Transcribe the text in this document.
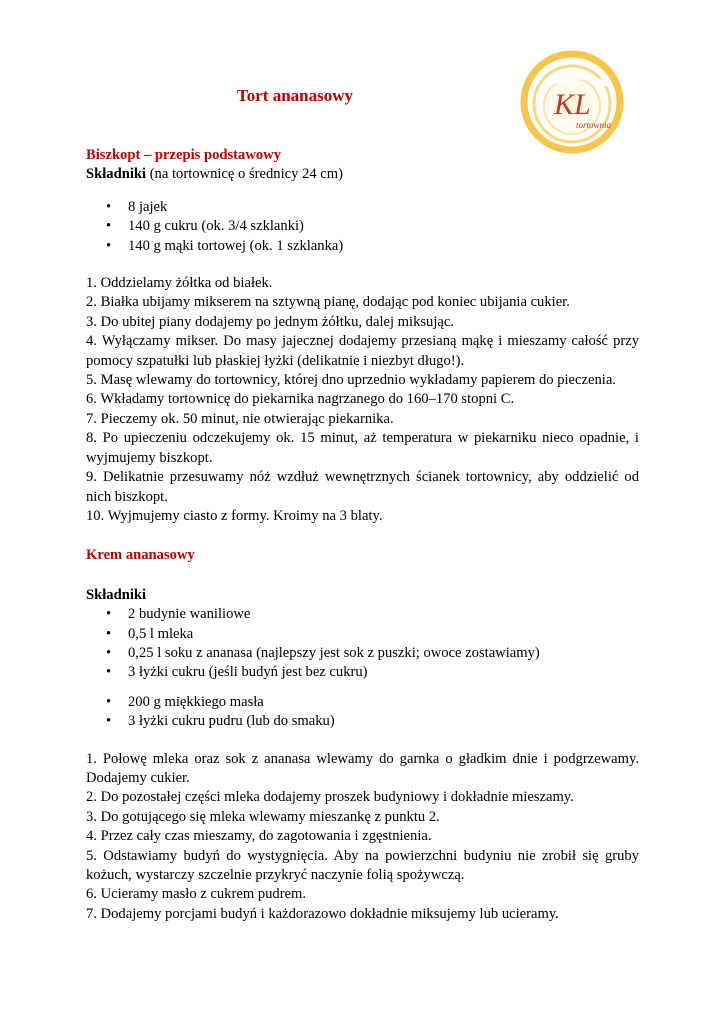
Tort ananasowy	KL
tortownia

Biszkopt – przepis podstawowy

Składniki (na tortownicę o średnicy 24 cm)

• 8 jajek
• 140 g cukru (ok. 3/4 szklanki)
• 140 g mąki tortowej (ok. 1 szklanka)

1. Oddzielamy żółtka od białek.

2. Białka ubijamy mikserem na sztywną pianę, dodając pod koniec ubijania cukier.

3. Do ubitej piany dodajemy po jednym żółtku, dalej miksując.

4. Wyłączamy mikser. Do masy jajecznej dodajemy przesianą mąkę i mieszamy całość przy pomocy szpatułki lub płaskiej łyżki (delikatnie i niezbyt długo!).

5. Masę wlewamy do tortownicy, której dno uprzednio wykładamy papierem do pieczenia.

6. Wkładamy tortownicę do piekarnika nagrzanego do 160–170 stopni C.

7. Pieczemy ok. 50 minut, nie otwierając piekarnika.

8. Po upieczeniu odczekujemy ok. 15 minut, aż temperatura w piekarniku nieco opadnie, i wyjmujemy biszkopt.

9. Delikatnie przesuwamy nóż wzdłuż wewnętrznych ścianek tortownicy, aby oddzielić od nich biszkopt.

10. Wyjmujemy ciasto z formy. Kroimy na 3 blaty.

Krem ananasowy

Składniki

• 2 budynie waniliowe
• 0,5 l mleka
• 0,25 l soku z ananasa (najlepszy jest sok z puszki; owoce zostawiamy)
• 3 łyżki cukru (jeśli budyń jest bez cukru)
• 200 g miękkiego masła
• 3 łyżki cukru pudru (lub do smaku)

1. Połowę mleka oraz sok z ananasa wlewamy do garnka o gładkim dnie i podgrzewamy. Dodajemy cukier.

2. Do pozostałej części mleka dodajemy proszek budyniowy i dokładnie mieszamy.

3. Do gotującego się mleka wlewamy mieszankę z punktu 2.

4. Przez cały czas mieszamy, do zagotowania i zgęstnienia.

5. Odstawiamy budyń do wystygnięcia. Aby na powierzchni budyniu nie zrobił się gruby kożuch, wystarczy szczelnie przykryć naczynie folią spożywczą.

6. Ucieramy masło z cukrem pudrem.

7. Dodajemy porcjami budyń i każdorazowo dokładnie miksujemy lub ucieramy.
